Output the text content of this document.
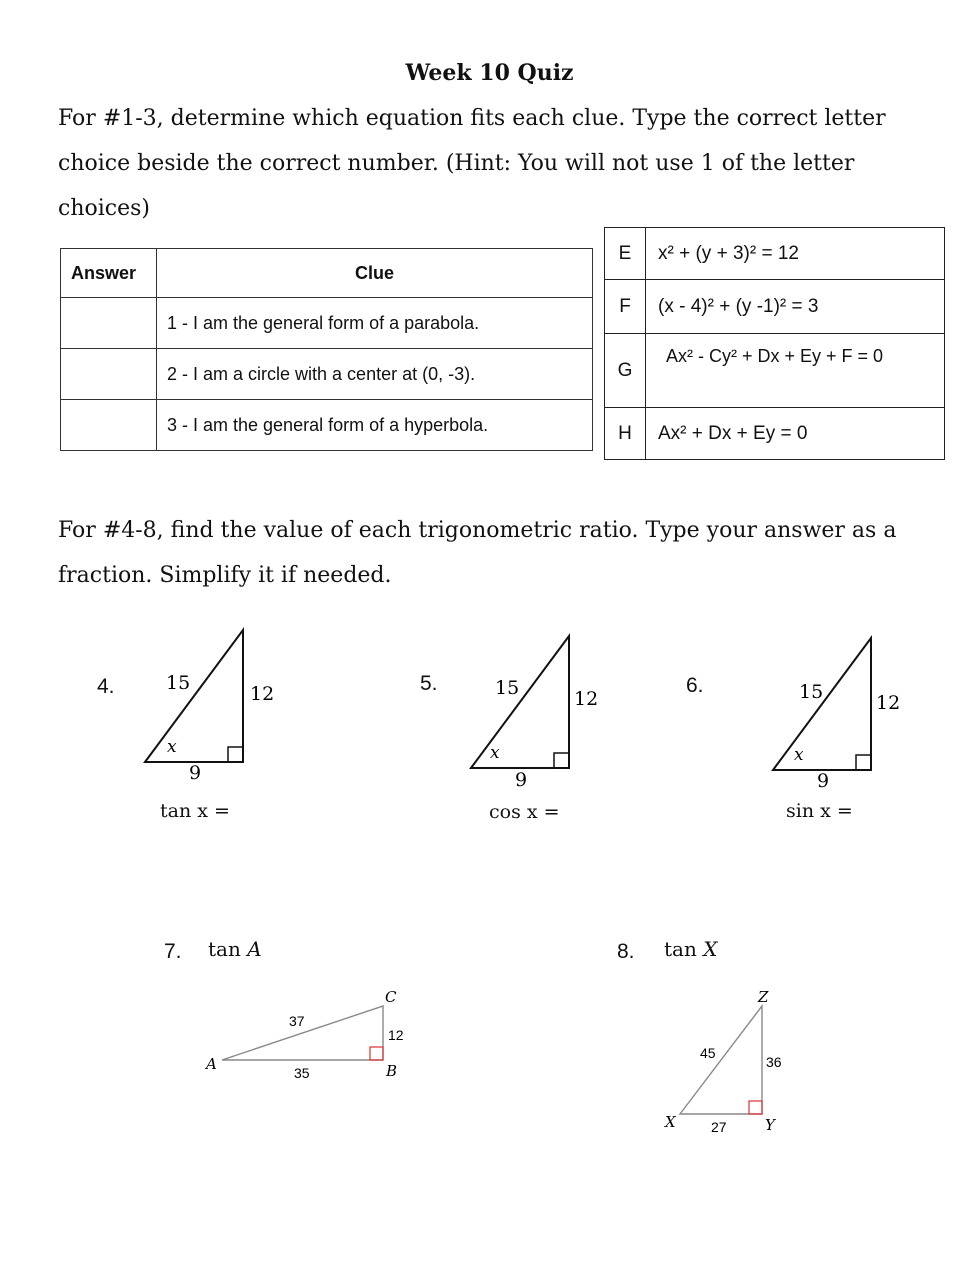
Week 10 Quiz
For #1-3, determine which equation fits each clue. Type the correct letter
choice beside the correct number. (Hint: You will not use 1 of the letter
choices)
Answer	Clue
	1 - I am the general form of a parabola.
	2 - I am a circle with a center at (0, -3).
	3 - I am the general form of a hyperbola.
E	x² + (y + 3)² = 12
F	(x - 4)² + (y -1)² = 3
G	Ax² - Cy² + Dx + Ey + F = 0
H	Ax² + Dx + Ey = 0
For #4-8, find the value of each trigonometric ratio. Type your answer as a
fraction. Simplify it if needed.
4.	15	12
9
x
15	12
9
x
15	12
9
x
37
12
35
A	B
C
45
36
27
X	Y
Z
tan x =
5.
cos x =
6.
sin x =
7. tan A	8. tan X
